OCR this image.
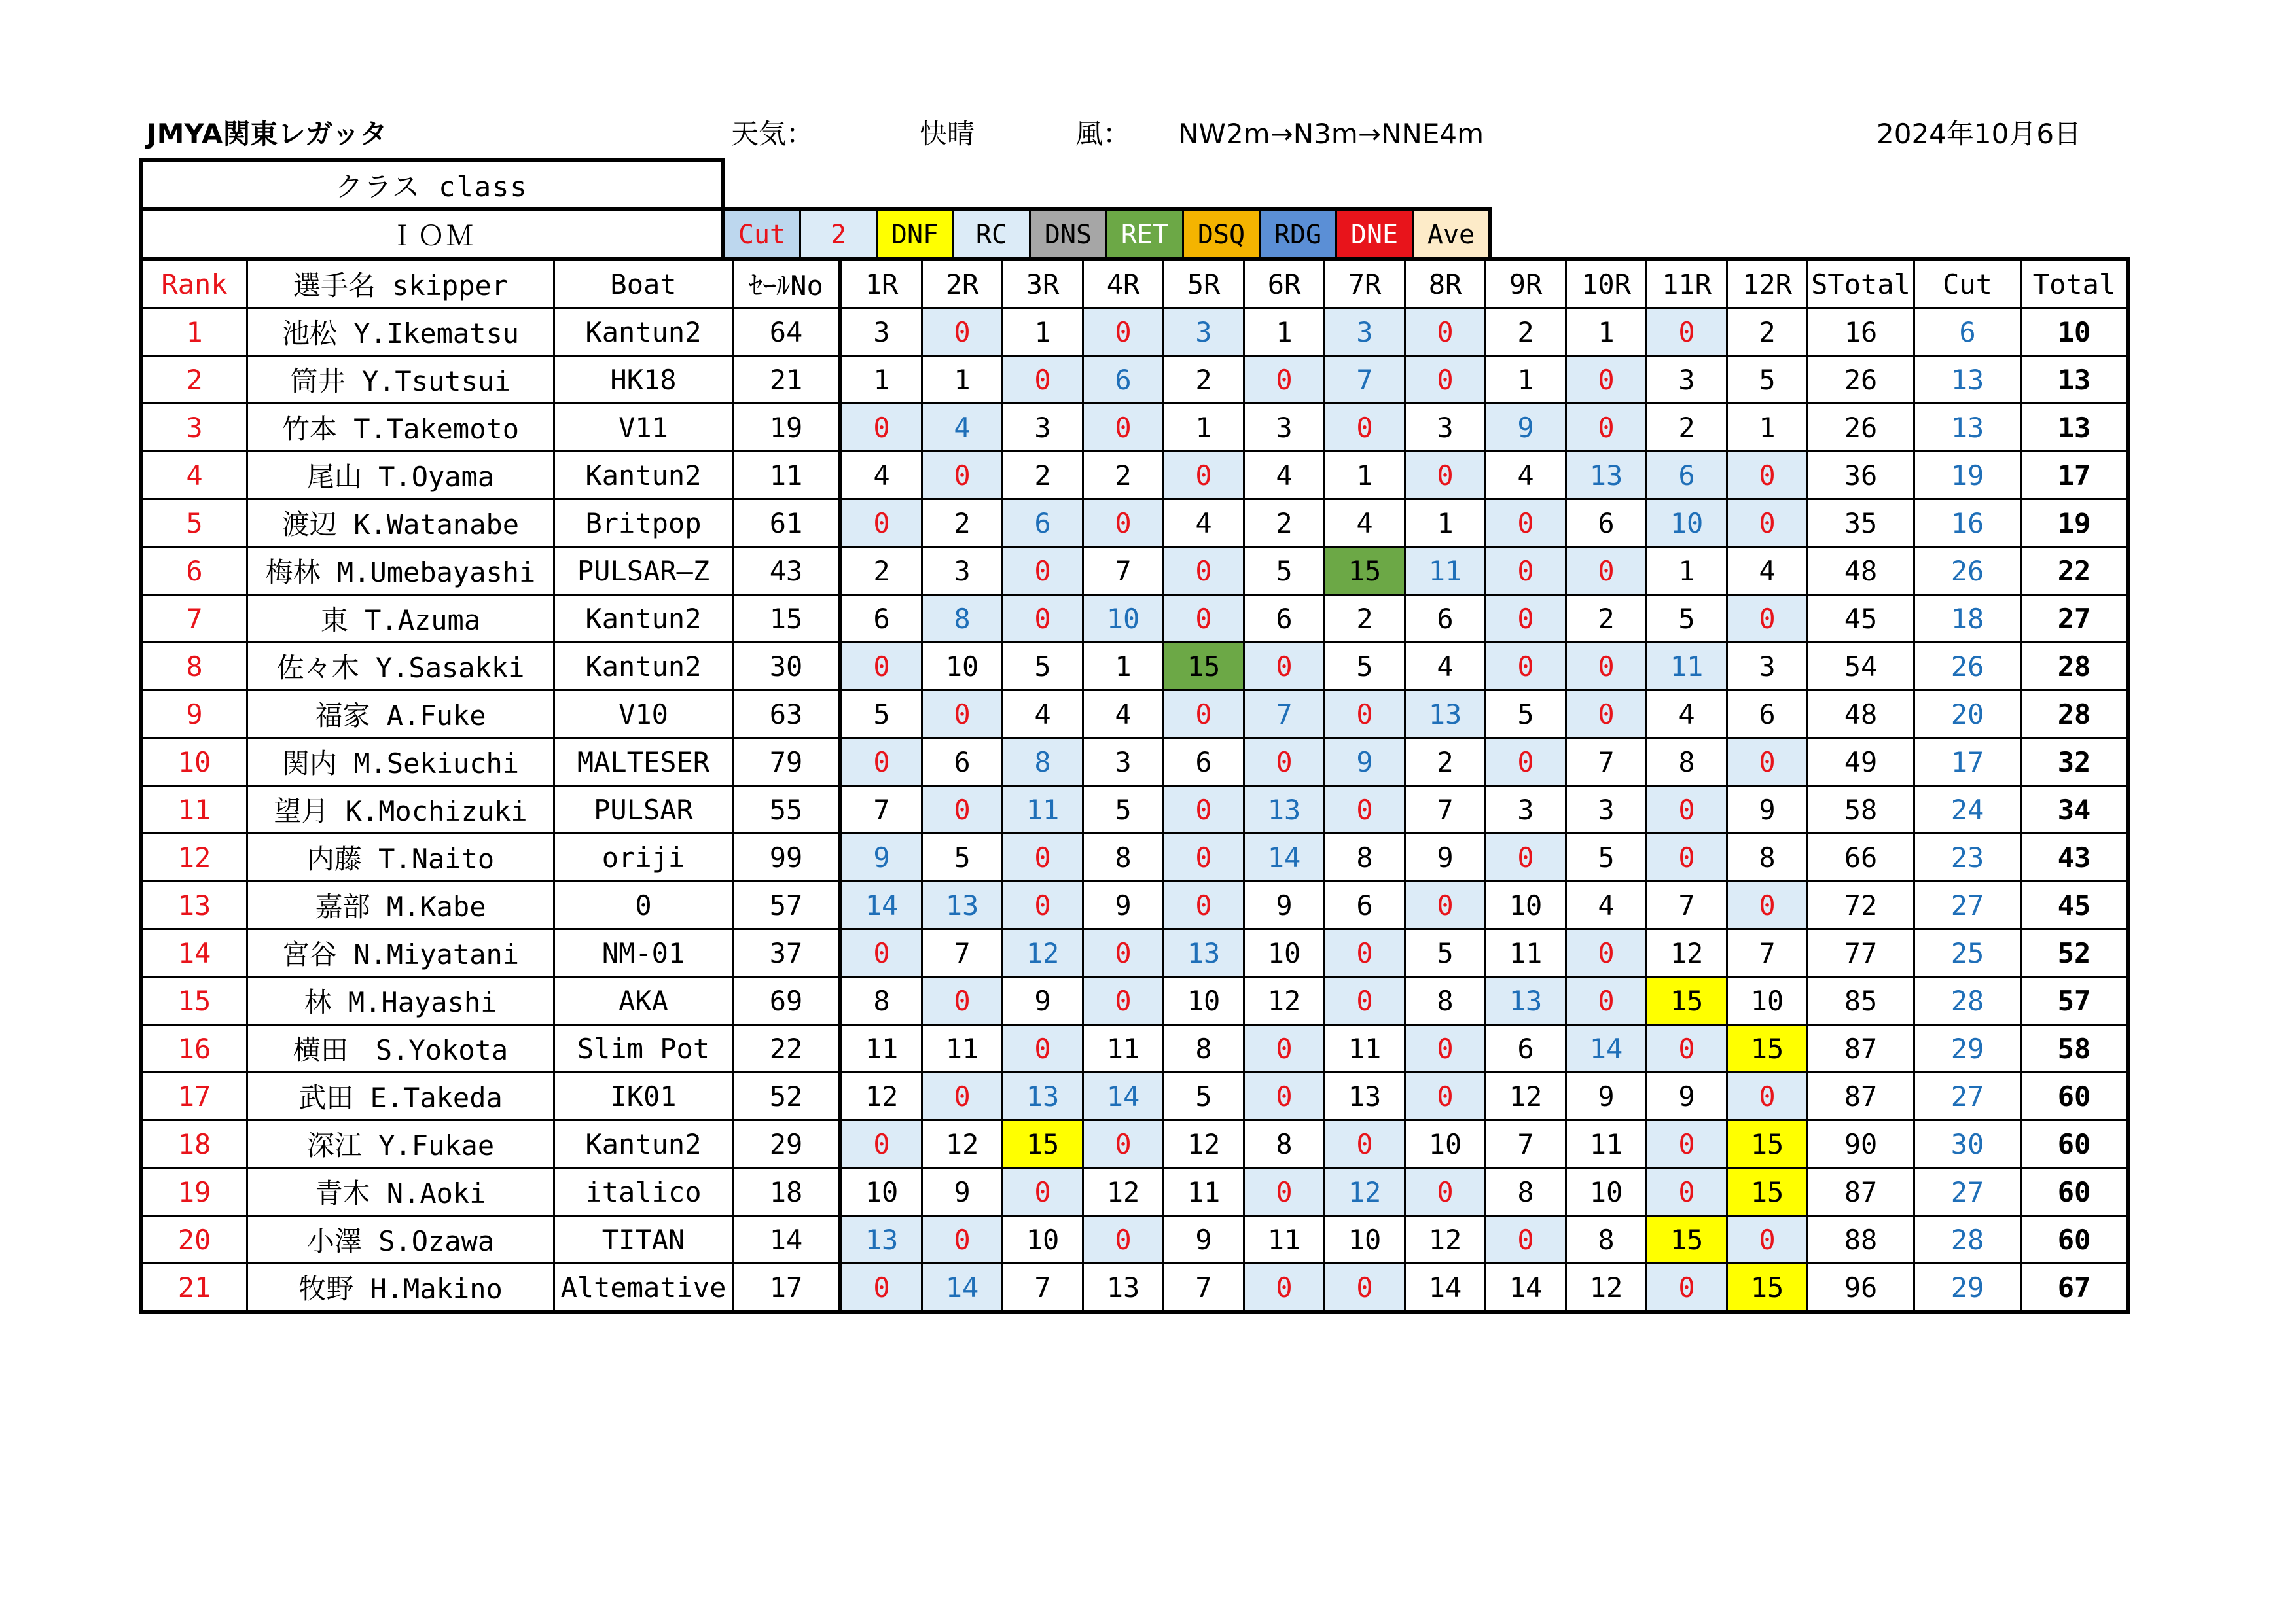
JMYA関東レガッタ	天気：	快晴	風： NW2m→N3m→NNE4m	2024年10月6日
クラス class
ＩＯＭ	Cut	2	DNF	RC	DNS	RET	DSQ	RDG	DNE	Ave
Rank	選手名 skipper	Boat	ｾｰﾙNo	1R	2R	3R	4R	5R	6R	7R	8R	9R	10R	11R	12R	STotal	Cut	Total
1	池松 Y.Ikematsu	Kantun2	64	3	0	1	0	3	1	3	0	2	1	0	2	16	6	10
2	筒井 Y.Tsutsui	HK18	21	1	1	0	6	2	0	7	0	1	0	3	5	26	13	13
3	竹本 T.Takemoto	V11	19	0	4	3	0	1	3	0	3	9	0	2	1	26	13	13
4	尾山 T.Oyama	Kantun2	11	4	0	2	2	0	4	1	0	4	13	6	0	36	19	17
5	渡辺 K.Watanabe	Britpop	61	0	2	6	0	4	2	4	1	0	6	10	0	35	16	19
6	梅林 M.Umebayashi	PULSAR―Z	43	2	3	0	7	0	5	15	11	0	0	1	4	48	26	22
7	東 T.Azuma	Kantun2	15	6	8	0	10	0	6	2	6	0	2	5	0	45	18	27
8	佐々木 Y.Sasakki	Kantun2	30	0	10	5	1	15	0	5	4	0	0	11	3	54	26	28
9	福家 A.Fuke	V10	63	5	0	4	4	0	7	0	13	5	0	4	6	48	20	28
10	関内 M.Sekiuchi	MALTESER	79	0	6	8	3	6	0	9	2	0	7	8	0	49	17	32
11	望月 K.Mochizuki	PULSAR	55	7	0	11	5	0	13	0	7	3	3	0	9	58	24	34
12	内藤 T.Naito	oriji	99	9	5	0	8	0	14	8	9	0	5	0	8	66	23	43
13	嘉部 M.Kabe	0	57	14	13	0	9	0	9	6	0	10	4	7	0	72	27	45
14	宮谷 N.Miyatani	NM-01	37	0	7	12	0	13	10	0	5	11	0	12	7	77	25	52
15	林 M.Hayashi	AKA	69	8	0	9	0	10	12	0	8	13	0	15	10	85	28	57
16	横田　S.Yokota	Slim Pot	22	11	11	0	11	8	0	11	0	6	14	0	15	87	29	58
17	武田 E.Takeda	IK01	52	12	0	13	14	5	0	13	0	12	9	9	0	87	27	60
18	深江 Y.Fukae	Kantun2	29	0	12	15	0	12	8	0	10	7	11	0	15	90	30	60
19	青木 N.Aoki	italico	18	10	9	0	12	11	0	12	0	8	10	0	15	87	27	60
20	小澤 S.Ozawa	TITAN	14	13	0	10	0	9	11	10	12	0	8	15	0	88	28	60
21	牧野 H.Makino	Altemative	17	0	14	7	13	7	0	0	14	14	12	0	15	96	29	67
